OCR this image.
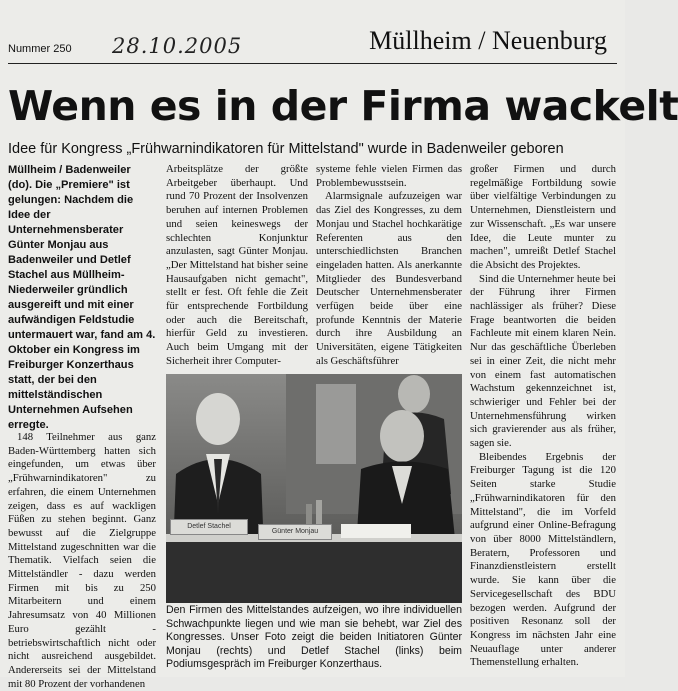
Nummer 250 28.10.2005	Müllheim / Neuenburg
Wenn es in der Firma wackelt
Idee für Kongress „Frühwarnindikatoren für Mittelstand" wurde in Badenweiler geboren

Müllheim / Badenweiler (do). Die „Premiere" ist gelungen: Nachdem die Idee der Unternehmensberater Günter Monjau aus Badenweiler und Detlef Stachel aus Müllheim-Niederweiler gründlich ausgereift und mit einer aufwändigen Feldstudie untermauert war, fand am 4. Oktober ein Kongress im Freiburger Konzerthaus statt, der bei den mittelständischen Unternehmen Aufsehen erregte.

148 Teilnehmer aus ganz Baden-Württemberg hatten sich eingefunden, um etwas über „Frühwarnindikatoren" zu erfahren, die einem Unternehmen zeigen, dass es auf wackligen Füßen zu stehen beginnt. Ganz bewusst auf die Zielgruppe Mittelstand zugeschnitten war die Thematik. Vielfach seien die Mittelständler - dazu werden Firmen mit bis zu 250 Mitarbeitern und einem Jahresumsatz von 40 Millionen Euro gezählt - betriebswirtschaftlich nicht oder nicht ausreichend ausgebildet. Andererseits sei der Mittelstand mit 80 Prozent der vorhandenen

Arbeitsplätze der größte Arbeitgeber überhaupt. Und rund 70 Prozent der Insolvenzen beruhen auf internen Problemen und seien keineswegs der schlechten Konjunktur anzulasten, sagt Günter Monjau. „Der Mittelstand hat bisher seine Hausaufgaben nicht gemacht", stellt er fest. Oft fehle die Zeit für entsprechende Fortbildung oder auch die Bereitschaft, hierfür Geld zu investieren. Auch beim Umgang mit der Sicherheit ihrer Computer-

systeme fehle vielen Firmen das Problembewusstsein.

Alarmsignale aufzuzeigen war das Ziel des Kongresses, zu dem Monjau und Stachel hochkarätige Referenten aus den unterschiedlichsten Branchen eingeladen hatten. Als anerkannte Mitglieder des Bundesverband Deutscher Unternehmensberater verfügen beide über eine profunde Kenntnis der Materie durch ihre Ausbildung an Universitäten, eigene Tätigkeiten als Geschäftsführer

großer Firmen und durch regelmäßige Fortbildung sowie über vielfältige Verbindungen zu Unternehmen, Dienstleistern und zur Wissenschaft. „Es war unsere Idee, die Leute munter zu machen", umreißt Detlef Stachel die Absicht des Projektes.

Sind die Unternehmer heute bei der Führung ihrer Firmen nachlässiger als früher? Diese Frage beantworten die beiden Fachleute mit einem klaren Nein. Nur das geschäftliche Überleben sei in einer Zeit, die nicht mehr von einem fast automatischen Wachstum gekennzeichnet ist, schwieriger und Fehler bei der Unternehmensführung wirken sich gravierender aus als früher, sagen sie.

Bleibendes Ergebnis der Freiburger Tagung ist die 120 Seiten starke Studie „Frühwarnindikatoren für den Mittelstand", die im Vorfeld aufgrund einer Online-Befragung von über 8000 Mittelständlern, Beratern, Professoren und Finanzdienstleistern erstellt wurde. Sie kann über die Servicegesellschaft des BDU bezogen werden. Aufgrund der positiven Resonanz soll der Kongress im nächsten Jahr eine Neuauflage unter anderer Themenstellung erhalten.

Detlef Stachel
Günter Monjau
Den Firmen des Mittelstandes aufzeigen, wo ihre individuellen Schwachpunkte liegen und wie man sie behebt, war Ziel des Kongresses. Unser Foto zeigt die beiden Initiatoren Günter Monjau (rechts) und Detlef Stachel (links) beim Podiumsgespräch im Freiburger Konzerthaus.
